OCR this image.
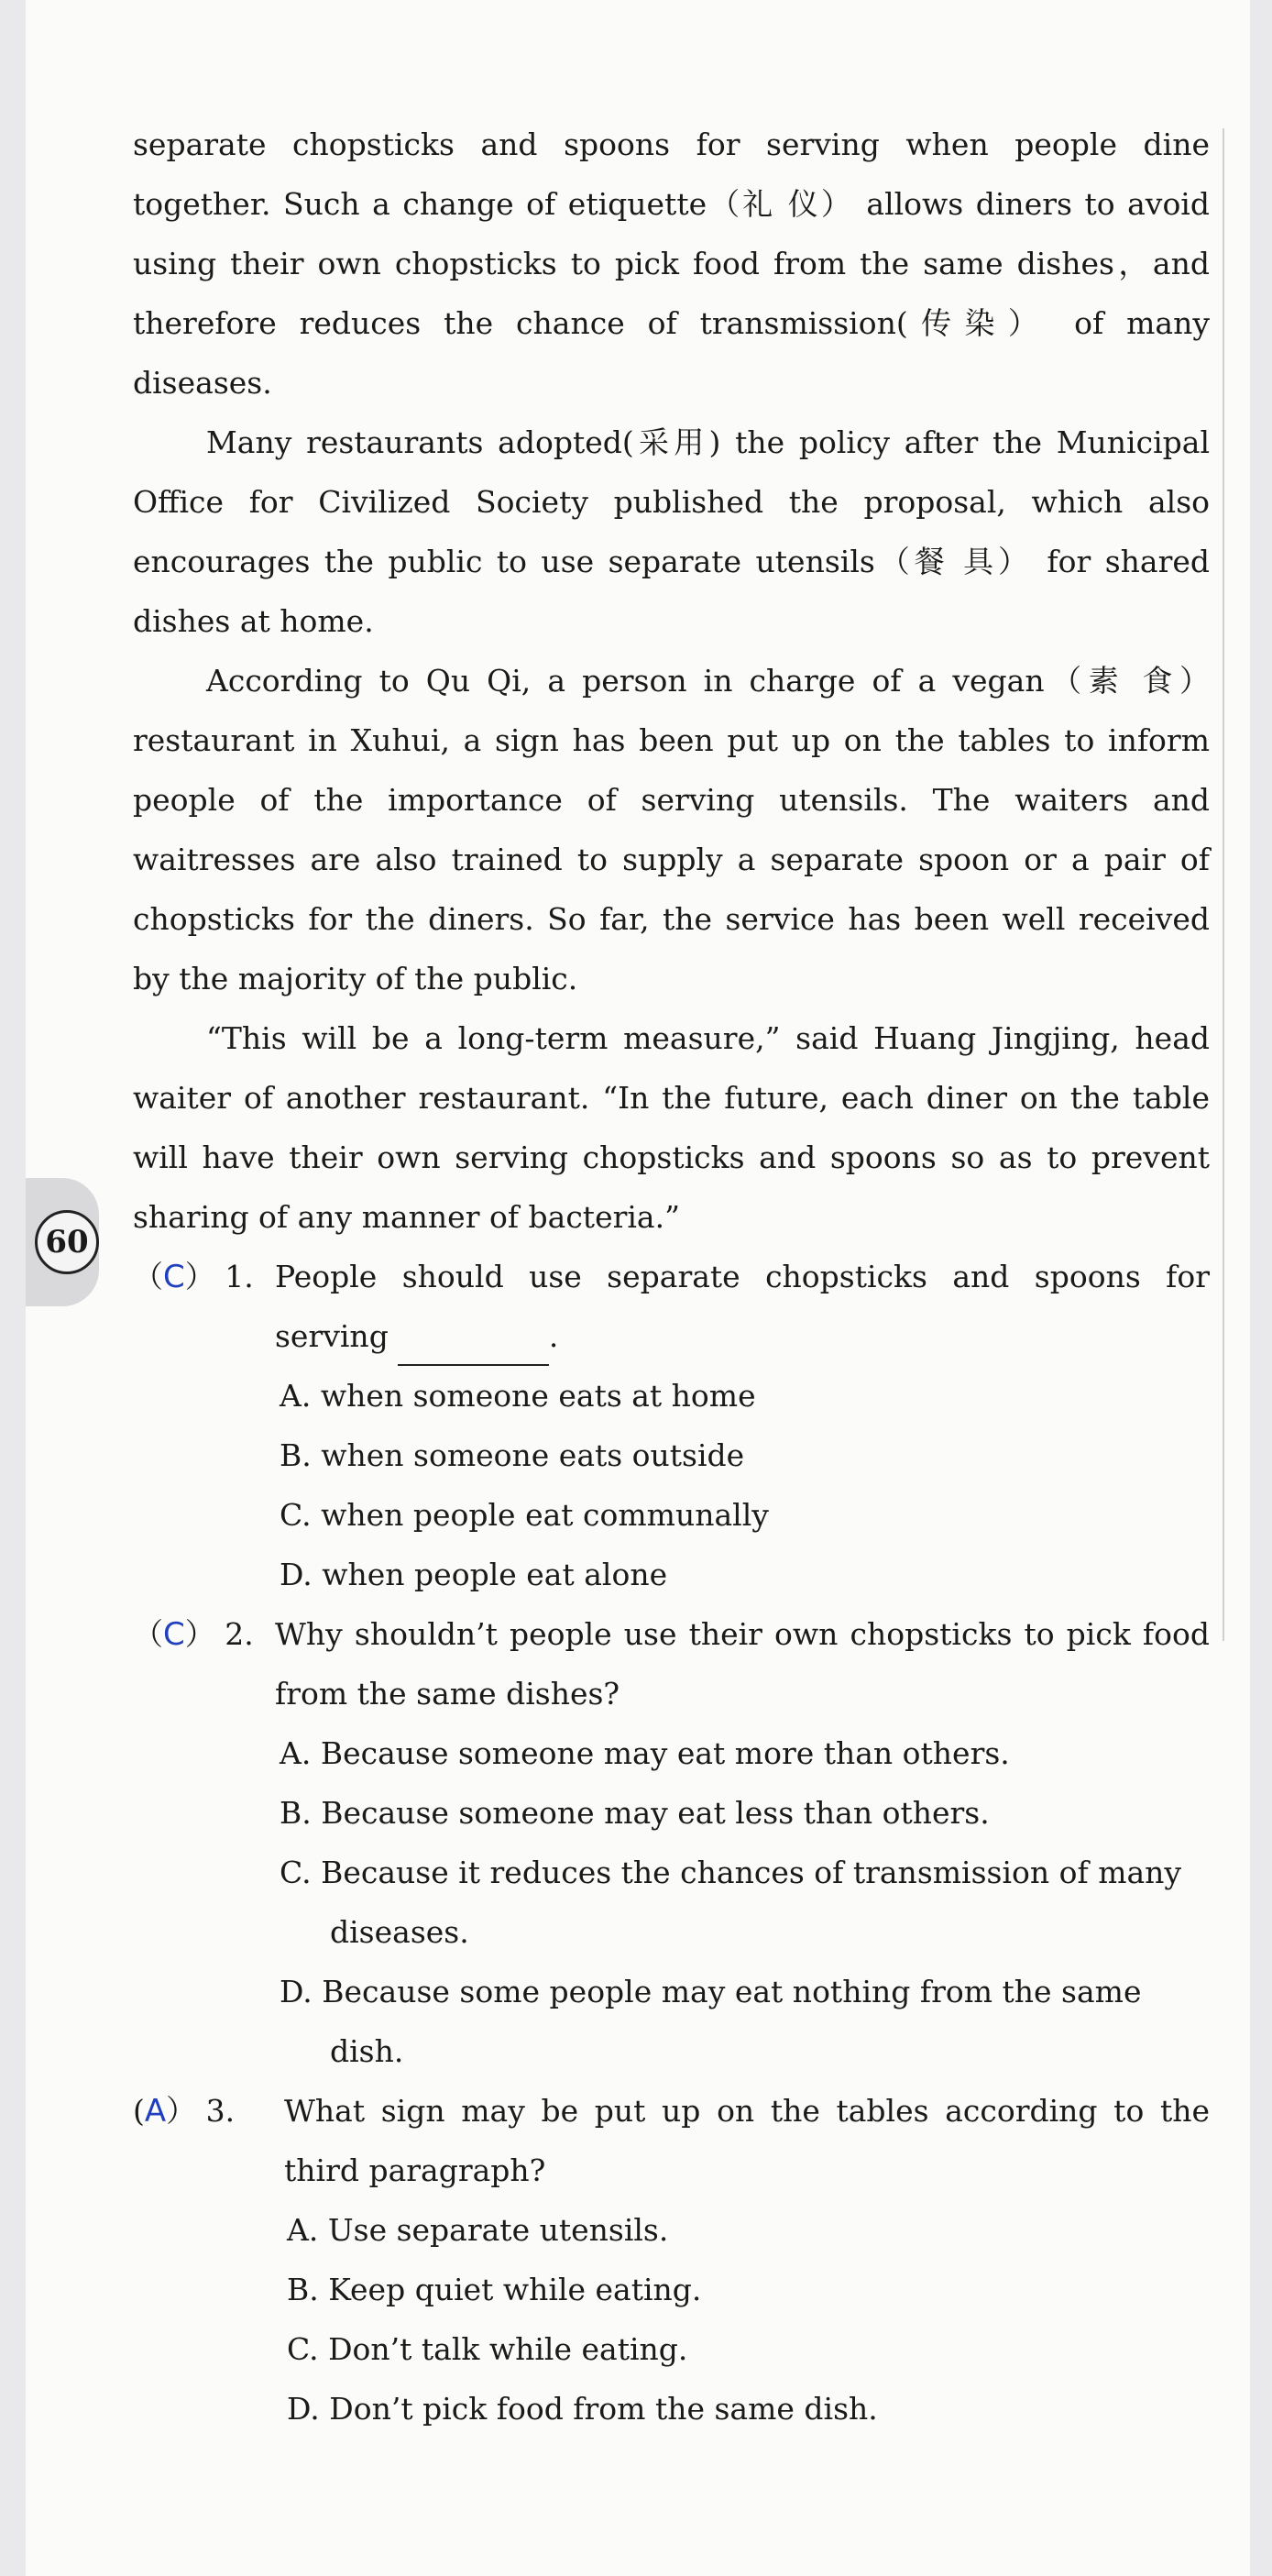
60
separate chopsticks and spoons for serving when people dine
together. Such a change of etiquette（礼 仪） allows diners to avoid
using their own chopsticks to pick food from the same dishes，and
therefore reduces the chance of transmission(传染） of many
diseases.
Many restaurants adopted(采用) the policy after the Municipal
Office for Civilized Society published the proposal, which also
encourages the public to use separate utensils（餐 具） for shared
dishes at home.
According to Qu Qi, a person in charge of a vegan（素 食）
restaurant in Xuhui, a sign has been put up on the tables to inform
people of the importance of serving utensils. The waiters and
waitresses are also trained to supply a separate spoon or a pair of
chopsticks for the diners. So far, the service has been well received
by the majority of the public.
“This will be a long-term measure,” said Huang Jingjing, head
waiter of another restaurant. “In the future, each diner on the table
will have their own serving chopsticks and spoons so as to prevent
sharing of any manner of bacteria.”
（C） 1. People should use separate chopsticks and spoons for
serving	.
A. when someone eats at home
B. when someone eats outside
C. when people eat communally
D. when people eat alone
（C） 2. Why shouldn’t people use their own chopsticks to pick food
from the same dishes?
A. Because someone may eat more than others.
B. Because someone may eat less than others.
C. Because it reduces the chances of transmission of many
diseases.
D. Because some people may eat nothing from the same
dish.
(A） 3. What sign may be put up on the tables according to the
third paragraph?
A. Use separate utensils.
B. Keep quiet while eating.
C. Don’t talk while eating.
D. Don’t pick food from the same dish.
